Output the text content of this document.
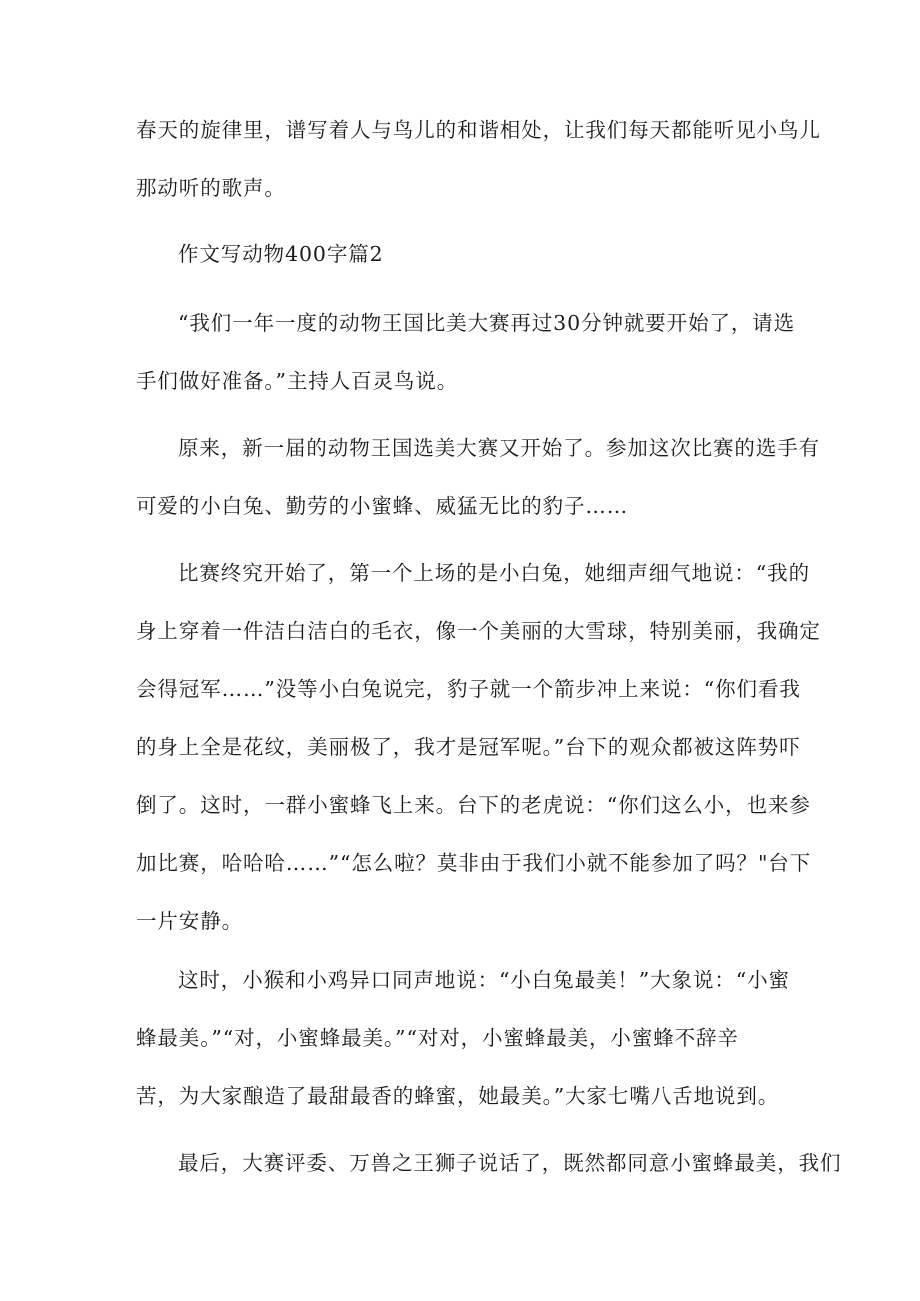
春天的旋律里，谱写着人与鸟儿的和谐相处，让我们每天都能听见小鸟儿
那动听的歌声。
作文写动物400字篇2
“我们一年一度的动物王国比美大赛再过30分钟就要开始了，请选
手们做好准备。”主持人百灵鸟说。
原来，新一届的动物王国选美大赛又开始了。参加这次比赛的选手有
可爱的小白兔、勤劳的小蜜蜂、威猛无比的豹子……
比赛终究开始了，第一个上场的是小白兔，她细声细气地说：“我的
身上穿着一件洁白洁白的毛衣，像一个美丽的大雪球，特别美丽，我确定
会得冠军……”没等小白兔说完，豹子就一个箭步冲上来说：“你们看我
的身上全是花纹，美丽极了，我才是冠军呢。”台下的观众都被这阵势吓
倒了。这时，一群小蜜蜂飞上来。台下的老虎说：“你们这么小，也来参
加比赛，哈哈哈……”“怎么啦？莫非由于我们小就不能参加了吗？"台下
一片安静。
这时，小猴和小鸡异口同声地说：“小白兔最美！”大象说：“小蜜
蜂最美。”“对，小蜜蜂最美。”“对对，小蜜蜂最美，小蜜蜂不辞辛
苦，为大家酿造了最甜最香的蜂蜜，她最美。”大家七嘴八舌地说到。
最后，大赛评委、万兽之王狮子说话了，既然都同意小蜜蜂最美，我们
